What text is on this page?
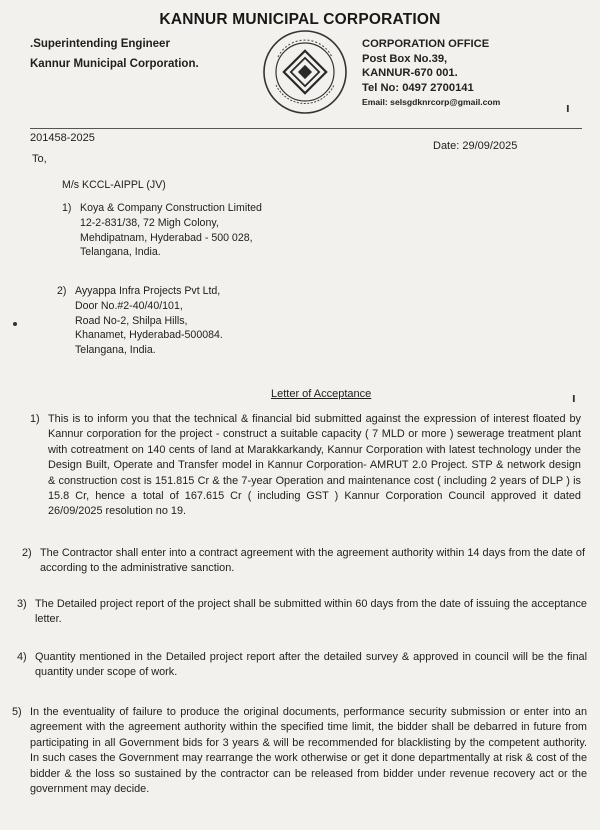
KANNUR MUNICIPAL CORPORATION
.Superintending Engineer
Kannur Municipal Corporation.
CORPORATION OFFICE
Post Box No.39,
KANNUR-670 001.
Tel No: 0497 2700141
Email: selsgdknrcorp@gmail.com	ı
201458-2025
Date: 29/09/2025
To,
M/s KCCL-AIPPL (JV)
1) Koya & Company Construction Limited
12-2-831/38, 72 Migh Colony,
Mehdipatnam, Hyderabad - 500 028,
Telangana, India.
2) Ayyappa Infra Projects Pvt Ltd,
Door No.#2-40/40/101,
Road No-2, Shilpa Hills,
Khanamet, Hyderabad-500084.
Telangana, India.
Letter of Acceptance	ı
1) This is to inform you that the technical & financial bid submitted against the expression of interest floated by Kannur corporation for the project - construct a suitable capacity ( 7 MLD or more ) sewerage treatment plant with cotreatment on 140 cents of land at Marakkarkandy, Kannur Corporation with latest technology under the Design Built, Operate and Transfer model in Kannur Corporation- AMRUT 2.0 Project. STP & network design & construction cost is 151.815 Cr & the 7-year Operation and maintenance cost ( including 2 years of DLP ) is 15.8 Cr, hence a total of 167.615 Cr ( including GST ) Kannur Corporation Council approved it dated 26/09/2025 resolution no 19.
2) The Contractor shall enter into a contract agreement with the agreement authority within 14 days from the date of according to the administrative sanction.
3) The Detailed project report of the project shall be submitted within 60 days from the date of issuing the acceptance letter.
4) Quantity mentioned in the Detailed project report after the detailed survey & approved in council will be the final quantity under scope of work.
5) In the eventuality of failure to produce the original documents, performance security submission or enter into an agreement with the agreement authority within the specified time limit, the bidder shall be debarred in future from participating in all Government bids for 3 years & will be recommended for blacklisting by the competent authority. In such cases the Government may rearrange the work otherwise or get it done departmentally at risk & cost of the bidder & the loss so sustained by the contractor can be released from bidder under revenue recovery act or the government may decide.
